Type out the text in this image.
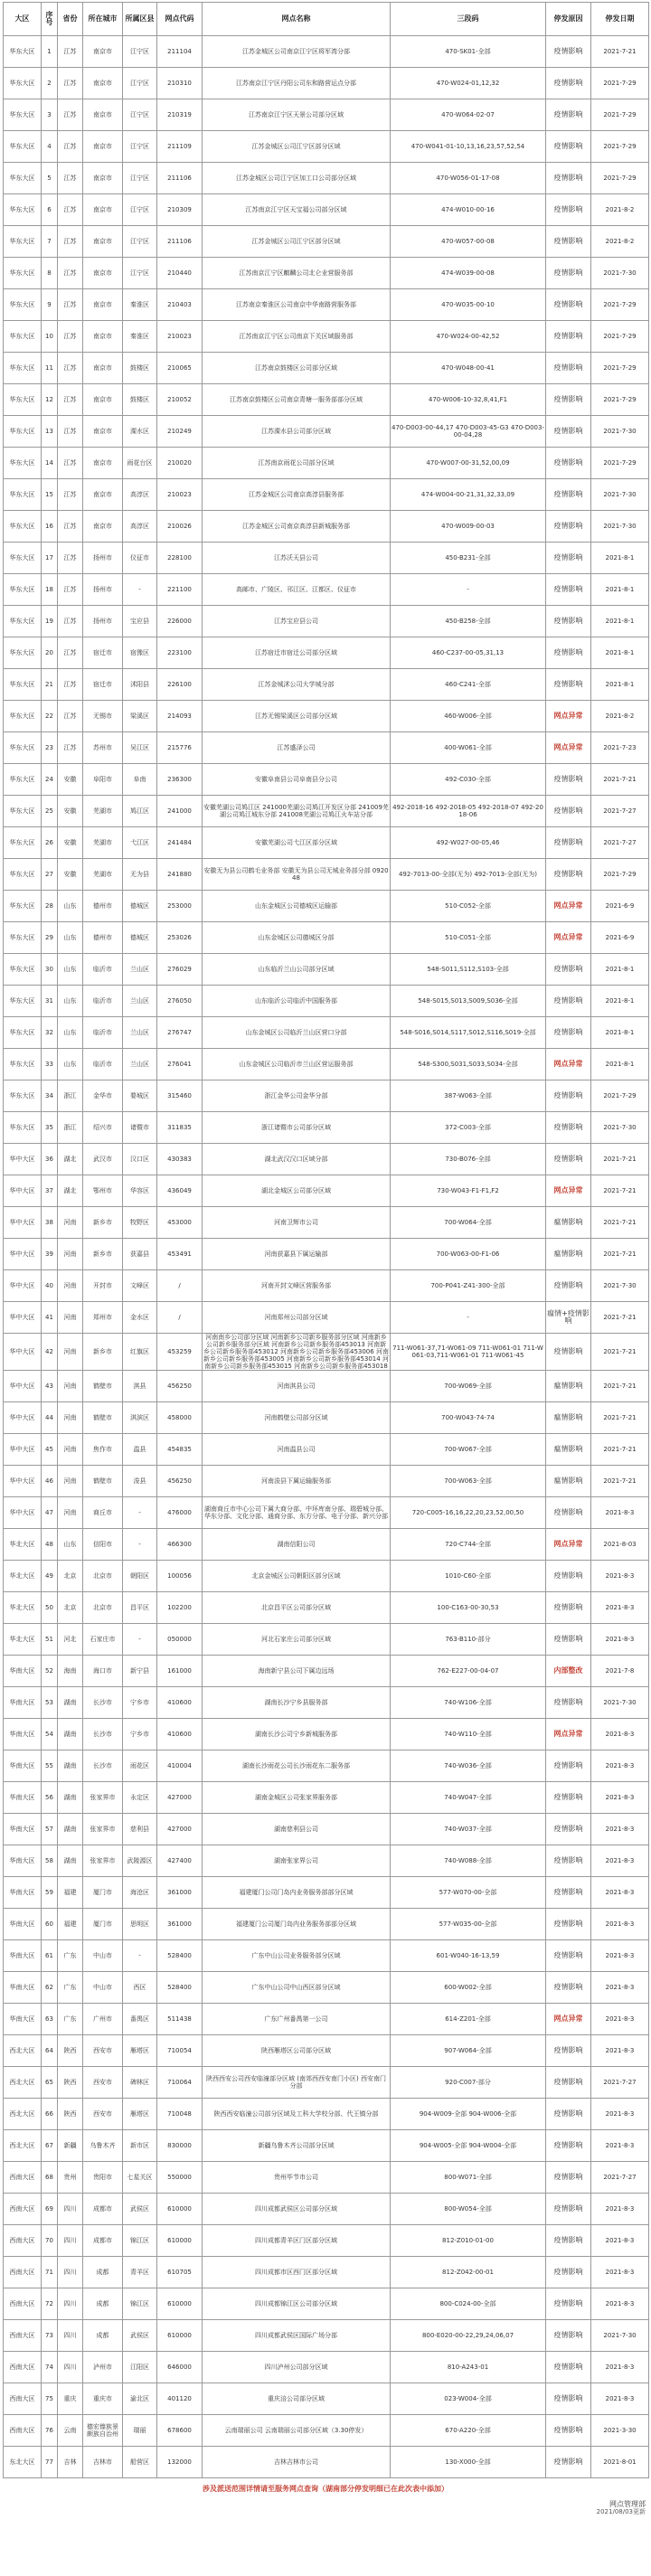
大区	序号	省份	所在城市	所属区县	网点代码	网点名称	三段码	停发原因	停发日期
华东大区	1	江苏	南京市	江宁区	211104	江苏金城区公司南京江宁区将军湾分部	470-SK01-全部	疫情影响	2021-7-21
华东大区	2	江苏	南京市	江宁区	210310	江苏南京江宁区丹阳公司东和路营运点分部	470-W024-01,12,32	疫情影响	2021-7-29
华东大区	3	江苏	南京市	江宁区	210319	江苏南京江宁区天景公司部分区域	470-W064-02-07	疫情影响	2021-7-29
华东大区	4	江苏	南京市	江宁区	211109	江苏金城区公司江宁区部分区域	470-W041-01-10,13,16,23,57,52,54	疫情影响	2021-7-29
华东大区	5	江苏	南京市	江宁区	211106	江苏金城区公司江宁区加工口公司部分区域	470-W056-01-17-08	疫情影响	2021-7-29
华东大区	6	江苏	南京市	江宁区	210309	江苏南京江宁区天宝福公司部分区域	474-W010-00-16	疫情影响	2021-8-2
华东大区	7	江苏	南京市	江宁区	211106	江苏金城区公司江宁区部分区域	470-W057-00-08	疫情影响	2021-8-2
华东大区	8	江苏	南京市	江宁区	210440	江苏南京江宁区麒麟公司北仑业营服务部	474-W039-00-08	疫情影响	2021-7-30
华东大区	9	江苏	南京市	秦淮区	210403	江苏南京秦淮区公司南京中华南路营服务部	470-W035-00-10	疫情影响	2021-7-29
华东大区	10	江苏	南京市	秦淮区	210023	江苏南京江宁区公司南京下关区域服务部	470-W024-00-42,52	疫情影响	2021-7-29
华东大区	11	江苏	南京市	鼓楼区	210065	江苏南京鼓楼区公司部分区域	470-W048-00-41	疫情影响	2021-7-29
华东大区	12	江苏	南京市	鼓楼区	210052	江苏南京鼓楼区公司南京青塘一服务部部分区域	470-W006-10-32,8,41,F1	疫情影响	2021-7-29
华东大区	13	江苏	南京市	溧水区	210249	江苏溧水县公司部分区域	470-D003-00-44,17 470-D003-45-G3 470-D003-00-04,28	疫情影响	2021-7-30
华东大区	14	江苏	南京市	雨花台区	210020	江苏南京雨花公司部分区域	470-W007-00-31,52,00,09	疫情影响	2021-7-29
华东大区	15	江苏	南京市	高淳区	210023	江苏金城区公司南京高淳县服务部	474-W004-00-21,31,32,33,09	疫情影响	2021-7-30
华东大区	16	江苏	南京市	高淳区	210026	江苏金城区公司南京高淳县新城服务部	470-W009-00-03	疫情影响	2021-7-30
华东大区	17	江苏	扬州市	仪征市	228100	江苏沃天县公司	450-B231-全部	疫情影响	2021-8-1
华东大区	18	江苏	扬州市	-	221100	高邮市、广陵区、邗江区、江都区、仪征市	-	疫情影响	2021-8-1
华东大区	19	江苏	扬州市	宝应县	226000	江苏宝应县公司	450-B258-全部	疫情影响	2021-8-1
华东大区	20	江苏	宿迁市	宿豫区	223100	江苏宿迁市宿迁公司部分区域	460-C237-00-05,31,13	疫情影响	2021-8-1
华东大区	21	江苏	宿迁市	沭阳县	226100	江苏金城沭公司大学城分部	460-C241-全部	疫情影响	2021-8-1
华东大区	22	江苏	无锡市	梁溪区	214093	江苏无锡梁溪区公司部分区域	460-W006-全部	网点异常	2021-8-2
华东大区	23	江苏	苏州市	吴江区	215776	江苏盛泽公司	400-W061-全部	网点异常	2021-7-23
华东大区	24	安徽	阜阳市	阜南	236300	安徽阜南县公司阜南县分公司	492-C030-全部	疫情影响	2021-7-21
华东大区	25	安徽	芜湖市	鸠江区	241000	安徽芜湖公司鸠江区 241000芜湖公司鸠江开发区分部 241009芜湖公司鸠江城东分部 241008芜湖公司鸠江火车站分部	492-2018-16 492-2018-05 492-2018-07 492-2018-06	疫情影响	2021-7-27
华东大区	26	安徽	芜湖市	弋江区	241484	安徽芜湖公司弋江区部分区域	492-W027-00-05,46	疫情影响	2021-7-27
华东大区	27	安徽	芜湖市	无为县	241880	安徽无为县公司鹤毛业务部 安徽无为县公司无城业务部分部 092048	492-7013-00-全部(无为) 492-7013-全部(无为)	疫情影响	2021-7-29
华东大区	28	山东	德州市	德城区	253000	山东金城区公司德城区运输部	510-C052-全部	网点异常	2021-6-9
华东大区	29	山东	德州市	德城区	253026	山东金城区公司德城区分部	510-C051-全部	网点异常	2021-6-9
华东大区	30	山东	临沂市	兰山区	276029	山东临沂兰山公司部分区域	548-S011,S112,S103-全部	疫情影响	2021-8-1
华东大区	31	山东	临沂市	兰山区	276050	山东临沂公司临沂中国服务部	548-S015,S013,S009,S036-全部	疫情影响	2021-8-1
华东大区	32	山东	临沂市	兰山区	276747	山东金城区公司临沂兰山区营口分部	548-S016,S014,S117,S012,S116,S019-全部	疫情影响	2021-8-1
华东大区	33	山东	临沂市	兰山区	276041	山东金城区公司临沂市兰山区营运服务部	548-S300,S031,S033,S034-全部	网点异常	2021-8-1
华东大区	34	浙江	金华市	婺城区	315460	浙江金华公司金华分部	387-W063-全部	疫情影响	2021-7-29
华东大区	35	浙江	绍兴市	诸暨市	311835	浙江诸暨市公司部分区域	372-C003-全部	疫情影响	2021-7-30
华中大区	36	湖北	武汉市	汉口区	430383	湖北武汉汉口区域分部	730-B076-全部	疫情影响	2021-7-21
华中大区	37	湖北	鄂州市	华容区	436049	湖北金城区公司部分区域	730-W043-F1-F1,F2	网点异常	2021-7-21
华中大区	38	河南	新乡市	牧野区	453000	河南卫辉市公司	700-W064-全部	瘟情影响	2021-7-21
华中大区	39	河南	新乡市	获嘉县	453491	河南获嘉县下属运输部	700-W063-00-F1-06	瘟情影响	2021-7-21
华中大区	40	河南	开封市	文峰区	/	河南开封文峰区营服务部	700-P041-Z41-300-全部	疫情影响	2021-7-30
华中大区	41	河南	郑州市	金水区	/	河南郑州公司部分区域	-	瘟情+疫情影响	2021-7-21
华中大区	42	河南	新乡市	红旗区	453259	河南南乡公司部分区域 河南新乡公司新乡服务部分区域 河南新乡公司新乡服务部分区域 河南新乡公司新乡服务部453013 河南新乡公司新乡服务部453012 河南新乡公司新乡服务部453006 河南新乡公司新乡服务部453005 河南新乡公司新乡服务部453014 河南新乡公司新乡服务部453015 河南新乡公司新乡服务部453018	711-W061-37,71-W061-09 711-W061-01 711-W061-03,711-W061-01 711-W061-45	疫情影响	2021-7-21
华中大区	43	河南	鹤壁市	淇县	456250	河南淇县公司	700-W069-全部	瘟情影响	2021-7-21
华中大区	44	河南	鹤壁市	淇滨区	458000	河南鹤壁公司部分区域	700-W043-74-74	瘟情影响	2021-7-21
华中大区	45	河南	焦作市	温县	454835	河南温县公司	700-W067-全部	瘟情影响	2021-7-21
华中大区	46	河南	鹤壁市	浚县	456250	河南浚县下属运输服务部	700-W063-全部	瘟情影响	2021-7-21
华中大区	47	河南	商丘市	-	476000	湖南商丘市中心公司下属大商分部、中环库南分部、瑞碧城分部、华东分部、文化分部、通商分部、东方分部、电子分部、新兴分部	720-C005-16,16,22,20,23,52,00,50	疫情影响	2021-8-3
华北大区	48	山东	信阳市	-	466300	湖南信阳公司	720-C744-全部	网点异常	2021-8-03
华北大区	49	北京	北京市	朝阳区	100056	北京金城区公司朝阳区部分区域	1010-C60-全部	疫情影响	2021-8-3
华北大区	50	北京	北京市	昌平区	102200	北京昌平区公司部分区域	100-C163-00-30,53	疫情影响	2021-8-3
华北大区	51	河北	石家庄市	-	050000	河北石家庄公司部分区域	763-B110-部分	疫情影响	2021-8-3
华南大区	52	海南	海口市	新宁县	161000	海南新宁县公司下属边远场	762-E227-00-04-07	内部整改	2021-7-8
华南大区	53	湖南	长沙市	宁乡市	410600	湖南长沙宁乡县服务部	740-W106-全部	疫情影响	2021-7-30
华南大区	54	湖南	长沙市	宁乡市	410600	湖南长沙公司宁乡新城服务部	740-W110-全部	网点异常	2021-8-3
华南大区	55	湖南	长沙市	雨花区	410004	湖南长沙雨花公司长沙雨花东二服务部	740-W036-全部	疫情影响	2021-8-3
华南大区	56	湖南	张家界市	永定区	427000	湖南金城区公司张家界服务部	740-W047-全部	疫情影响	2021-8-3
华南大区	57	湖南	张家界市	慈利县	427000	湖南慈利县公司	740-W037-全部	疫情影响	2021-8-3
华南大区	58	湖南	张家界市	武陵源区	427400	湖南张家界公司	740-W088-全部	疫情影响	2021-8-3
华南大区	59	福建	厦门市	海沧区	361000	福建厦门公司门岛内业务服务部部分区域	577-W070-00-全部	疫情影响	2021-8-3
华南大区	60	福建	厦门市	思明区	361000	福建厦门公司厦门岛内业务服务部部分区域	577-W035-00-全部	疫情影响	2021-8-3
华南大区	61	广东	中山市	-	528400	广东中山公司业务服务部分区域	601-W040-16-13,59	疫情影响	2021-8-3
华南大区	62	广东	中山市	西区	528400	广东中山公司中山西区部分区域	600-W002-全部	疫情影响	2021-8-3
华南大区	63	广东	广州市	番禺区	511438	广东广州番禺第一公司	614-Z201-全部	网点异常	2021-8-3
西北大区	64	陕西	西安市	雁塔区	710054	陕西雁塔区公司部分区域	907-W064-全部	疫情影响	2021-8-3
西北大区	65	陕西	西安市	碑林区	710064	陕西西安公司西安临潼部分区域 (南郊西西安南门小区) 西安南门分部	920-C007-部分	疫情影响	2021-7-27
西北大区	66	陕西	西安市	雁塔区	710048	陕西西安临潼公司部分区域及工科大学校分部、代王镇分部	904-W009-全部 904-W006-全部	疫情影响	2021-8-3
西北大区	67	新疆	乌鲁木齐	新市区	830000	新疆乌鲁木齐公司部分区域	904-W005-全部 904-W004-全部	疫情影响	2021-8-3
西南大区	68	贵州	贵阳市	七星关区	550000	贵州毕节市公司	800-W071-全部	疫情影响	2021-7-27
西南大区	69	四川	成都市	武侯区	610000	四川成都武侯区公司部分区域	800-W054-全部	疫情影响	2021-8-3
西南大区	70	四川	成都市	锦江区	610000	四川成都青羊区门区部分区域	812-Z010-01-00	疫情影响	2021-8-3
西南大区	71	四川	成都	青羊区	610705	四川成都市区西门区部分区域	812-Z042-00-01	疫情影响	2021-8-3
西南大区	72	四川	成都	锦江区	610000	四川成都锦江区公司部分区域	800-C024-00-全部	疫情影响	2021-8-3
西南大区	73	四川	成都	武侯区	610000	四川成都武侯区国际广场分部	800-E020-00-22,29,24,06,07	疫情影响	2021-7-30
西南大区	74	四川	泸州市	江阳区	646000	四川泸州公司部分区域	810-A243-01	疫情影响	2021-8-3
西南大区	75	重庆	重庆市	渝北区	401120	重庆涪公司部分区域	023-W004-全部	疫情影响	2021-8-3
西南大区	76	云南	德宏傣族景颇族自治州	瑞丽	678600	云南瑞丽公司 云南瑞丽公司部分区域（3.30停发）	670-A220-全部	疫情影响	2021-3-30
东北大区	77	吉林	吉林市	船营区	132000	吉林吉林市公司	130-X000-全部	疫情影响	2021-8-01
涉及派送范围详情请至服务网点查询（湖南部分停发明细已在此次表中添加）
网点管理部
2021/08/03更新
